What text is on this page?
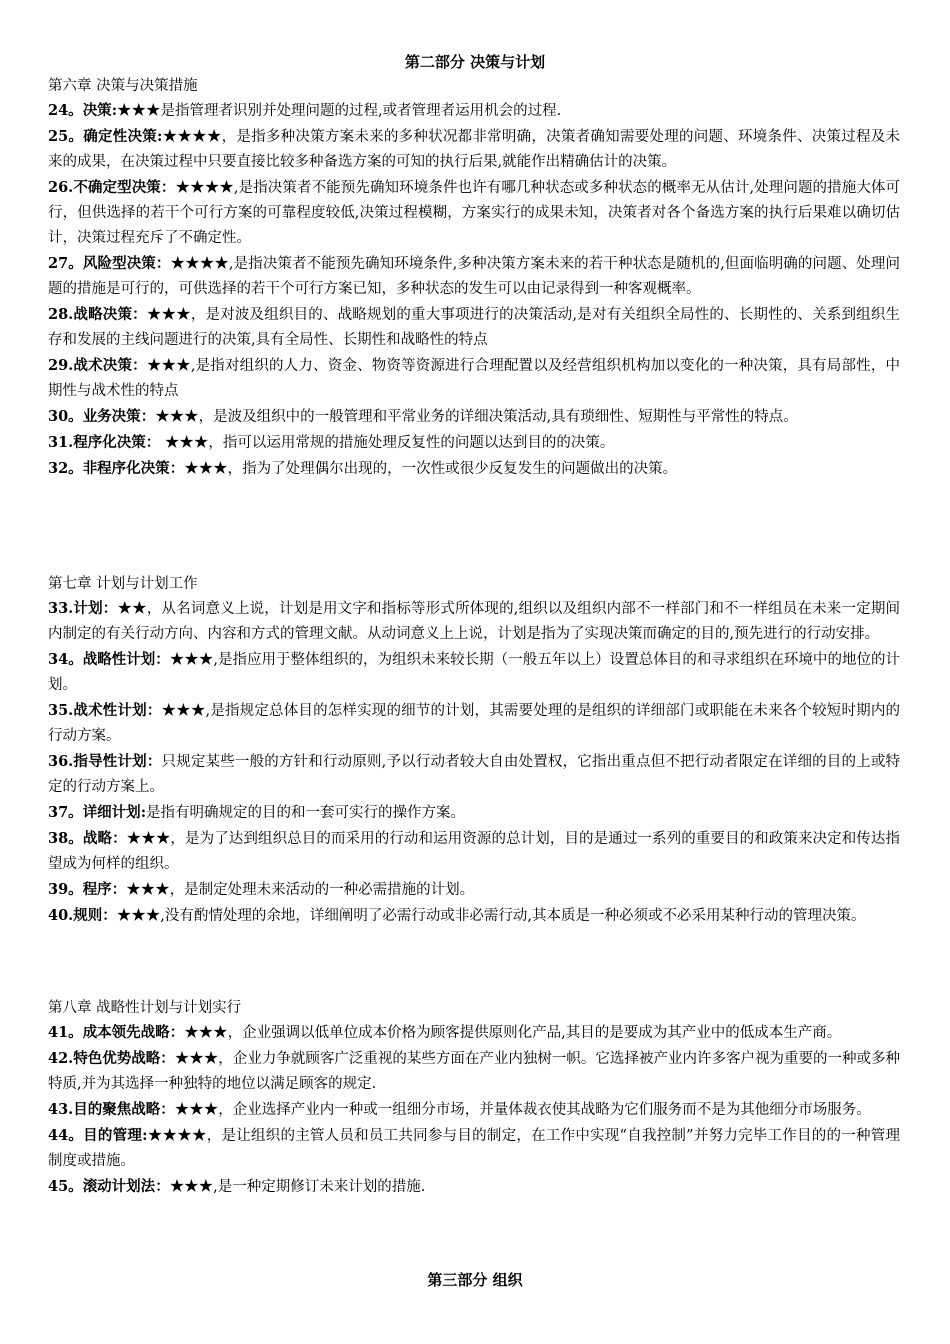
第二部分 决策与计划
第六章 决策与决策措施

24。决策:★★★是指管理者识别并处理问题的过程,或者管理者运用机会的过程.

25。确定性决策:★★★★，是指多种决策方案未来的多种状况都非常明确，决策者确知需要处理的问题、环境条件、决策过程及未来的成果，在决策过程中只要直接比较多种备选方案的可知的执行后果,就能作出精确估计的决策。

26.不确定型决策：★★★★,是指决策者不能预先确知环境条件也许有哪几种状态或多种状态的概率无从估计,处理问题的措施大体可行，但供选择的若干个可行方案的可靠程度较低,决策过程模糊，方案实行的成果未知，决策者对各个备选方案的执行后果难以确切估计，决策过程充斥了不确定性。

27。风险型决策：★★★★,是指决策者不能预先确知环境条件,多种决策方案未来的若干种状态是随机的,但面临明确的问题、处理问题的措施是可行的，可供选择的若干个可行方案已知，多种状态的发生可以由记录得到一种客观概率。

28.战略决策：★★★，是对波及组织目的、战略规划的重大事项进行的决策活动,是对有关组织全局性的、长期性的、关系到组织生存和发展的主线问题进行的决策,具有全局性、长期性和战略性的特点

29.战术决策：★★★,是指对组织的人力、资金、物资等资源进行合理配置以及经营组织机构加以变化的一种决策，具有局部性，中期性与战术性的特点

30。业务决策：★★★，是波及组织中的一般管理和平常业务的详细决策活动,具有琐细性、短期性与平常性的特点。

31.程序化决策： ★★★，指可以运用常规的措施处理反复性的问题以达到目的的决策。

32。非程序化决策：★★★，指为了处理偶尔出现的，一次性或很少反复发生的问题做出的决策。

第七章 计划与计划工作

33.计划：★★，从名词意义上说，计划是用文字和指标等形式所体现的,组织以及组织内部不一样部门和不一样组员在未来一定期间内制定的有关行动方向、内容和方式的管理文献。从动词意义上上说，计划是指为了实现决策而确定的目的,预先进行的行动安排。

34。战略性计划：★★★,是指应用于整体组织的，为组织未来较长期（一般五年以上）设置总体目的和寻求组织在环境中的地位的计划。

35.战术性计划：★★★,是指规定总体目的怎样实现的细节的计划，其需要处理的是组织的详细部门或职能在未来各个较短时期内的行动方案。

36.指导性计划：只规定某些一般的方针和行动原则,予以行动者较大自由处置权，它指出重点但不把行动者限定在详细的目的上或特定的行动方案上。

37。详细计划:是指有明确规定的目的和一套可实行的操作方案。

38。战略：★★★，是为了达到组织总目的而采用的行动和运用资源的总计划，目的是通过一系列的重要目的和政策来决定和传达指望成为何样的组织。

39。程序：★★★，是制定处理未来活动的一种必需措施的计划。

40.规则：★★★,没有酌情处理的余地，详细阐明了必需行动或非必需行动,其本质是一种必须或不必采用某种行动的管理决策。

第八章 战略性计划与计划实行

41。成本领先战略：★★★，企业强调以低单位成本价格为顾客提供原则化产品,其目的是要成为其产业中的低成本生产商。

42.特色优势战略：★★★，企业力争就顾客广泛重视的某些方面在产业内独树一帜。它选择被产业内许多客户视为重要的一种或多种特质,并为其选择一种独特的地位以满足顾客的规定.

43.目的聚焦战略：★★★，企业选择产业内一种或一组细分市场，并量体裁衣使其战略为它们服务而不是为其他细分市场服务。

44。目的管理:★★★★，是让组织的主管人员和员工共同参与目的制定，在工作中实现“自我控制”并努力完毕工作目的的一种管理制度或措施。

45。滚动计划法：★★★,是一种定期修订未来计划的措施.

第三部分 组织
